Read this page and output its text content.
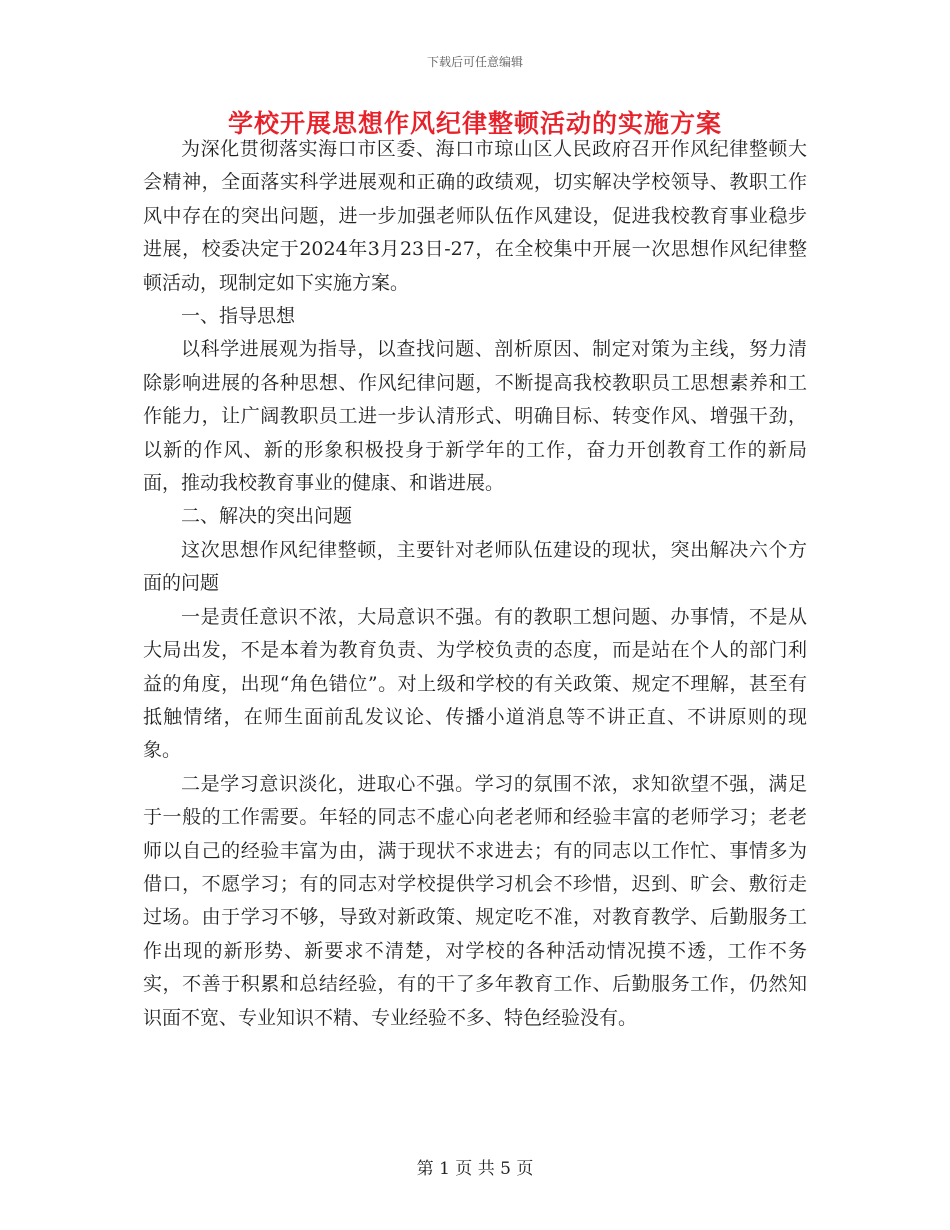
下载后可任意编辑
学校开展思想作风纪律整顿活动的实施方案

为深化贯彻落实海口市区委、海口市琼山区人民政府召开作风纪律整顿大会精神，全面落实科学进展观和正确的政绩观，切实解决学校领导、教职工作风中存在的突出问题，进一步加强老师队伍作风建设，促进我校教育事业稳步进展，校委决定于2024年3月23日-27，在全校集中开展一次思想作风纪律整顿活动，现制定如下实施方案。

一、指导思想

以科学进展观为指导，以查找问题、剖析原因、制定对策为主线，努力清除影响进展的各种思想、作风纪律问题，不断提高我校教职员工思想素养和工作能力，让广阔教职员工进一步认清形式、明确目标、转变作风、增强干劲，以新的作风、新的形象积极投身于新学年的工作，奋力开创教育工作的新局面，推动我校教育事业的健康、和谐进展。

二、解决的突出问题

这次思想作风纪律整顿，主要针对老师队伍建设的现状，突出解决六个方面的问题

一是责任意识不浓，大局意识不强。有的教职工想问题、办事情，不是从大局出发，不是本着为教育负责、为学校负责的态度，而是站在个人的部门利益的角度，出现“角色错位”。对上级和学校的有关政策、规定不理解，甚至有抵触情绪，在师生面前乱发议论、传播小道消息等不讲正直、不讲原则的现象。

二是学习意识淡化，进取心不强。学习的氛围不浓，求知欲望不强，满足于一般的工作需要。年轻的同志不虚心向老老师和经验丰富的老师学习；老老师以自己的经验丰富为由，满于现状不求进去；有的同志以工作忙、事情多为借口，不愿学习；有的同志对学校提供学习机会不珍惜，迟到、旷会、敷衍走过场。由于学习不够，导致对新政策、规定吃不准，对教育教学、后勤服务工作出现的新形势、新要求不清楚，对学校的各种活动情况摸不透，工作不务实，不善于积累和总结经验，有的干了多年教育工作、后勤服务工作，仍然知识面不宽、专业知识不精、专业经验不多、特色经验没有。

第 1 页 共 5 页
